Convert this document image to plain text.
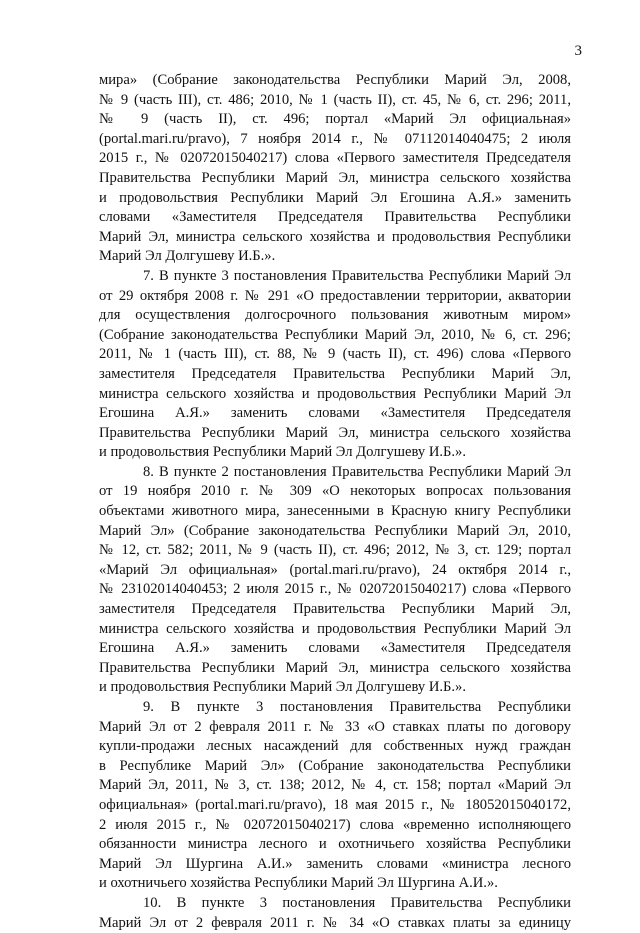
3
мира» (Собрание законодательства Республики Марий Эл, 2008,
№ 9 (часть III), ст. 486; 2010, № 1 (часть II), ст. 45, № 6, ст. 296; 2011,
№ 9 (часть II), ст. 496; портал «Марий Эл официальная»
(portal.mari.ru/pravo), 7 ноября 2014 г., № 07112014040475; 2 июля
2015 г., № 02072015040217) слова «Первого заместителя Председателя
Правительства Республики Марий Эл, министра сельского хозяйства
и продовольствия Республики Марий Эл Егошина А.Я.» заменить
словами «Заместителя Председателя Правительства Республики
Марий Эл, министра сельского хозяйства и продовольствия Республики
Марий Эл Долгушеву И.Б.».
7. В пункте 3 постановления Правительства Республики Марий Эл
от 29 октября 2008 г. № 291 «О предоставлении территории, акватории
для осуществления долгосрочного пользования животным миром»
(Собрание законодательства Республики Марий Эл, 2010, № 6, ст. 296;
2011, № 1 (часть III), ст. 88, № 9 (часть II), ст. 496) слова «Первого
заместителя Председателя Правительства Республики Марий Эл,
министра сельского хозяйства и продовольствия Республики Марий Эл
Егошина А.Я.» заменить словами «Заместителя Председателя
Правительства Республики Марий Эл, министра сельского хозяйства
и продовольствия Республики Марий Эл Долгушеву И.Б.».
8. В пункте 2 постановления Правительства Республики Марий Эл
от 19 ноября 2010 г. № 309 «О некоторых вопросах пользования
объектами животного мира, занесенными в Красную книгу Республики
Марий Эл» (Собрание законодательства Республики Марий Эл, 2010,
№ 12, ст. 582; 2011, № 9 (часть II), ст. 496; 2012, № 3, ст. 129; портал
«Марий Эл официальная» (portal.mari.ru/pravo), 24 октября 2014 г.,
№ 23102014040453; 2 июля 2015 г., № 02072015040217) слова «Первого
заместителя Председателя Правительства Республики Марий Эл,
министра сельского хозяйства и продовольствия Республики Марий Эл
Егошина А.Я.» заменить словами «Заместителя Председателя
Правительства Республики Марий Эл, министра сельского хозяйства
и продовольствия Республики Марий Эл Долгушеву И.Б.».
9. В пункте 3 постановления Правительства Республики
Марий Эл от 2 февраля 2011 г. № 33 «О ставках платы по договору
купли-продажи лесных насаждений для собственных нужд граждан
в Республике Марий Эл» (Собрание законодательства Республики
Марий Эл, 2011, № 3, ст. 138; 2012, № 4, ст. 158; портал «Марий Эл
официальная» (portal.mari.ru/pravo), 18 мая 2015 г., № 18052015040172,
2 июля 2015 г., № 02072015040217) слова «временно исполняющего
обязанности министра лесного и охотничьего хозяйства Республики
Марий Эл Шургина А.И.» заменить словами «министра лесного
и охотничьего хозяйства Республики Марий Эл Шургина А.И.».
10. В пункте 3 постановления Правительства Республики
Марий Эл от 2 февраля 2011 г. № 34 «О ставках платы за единицу
